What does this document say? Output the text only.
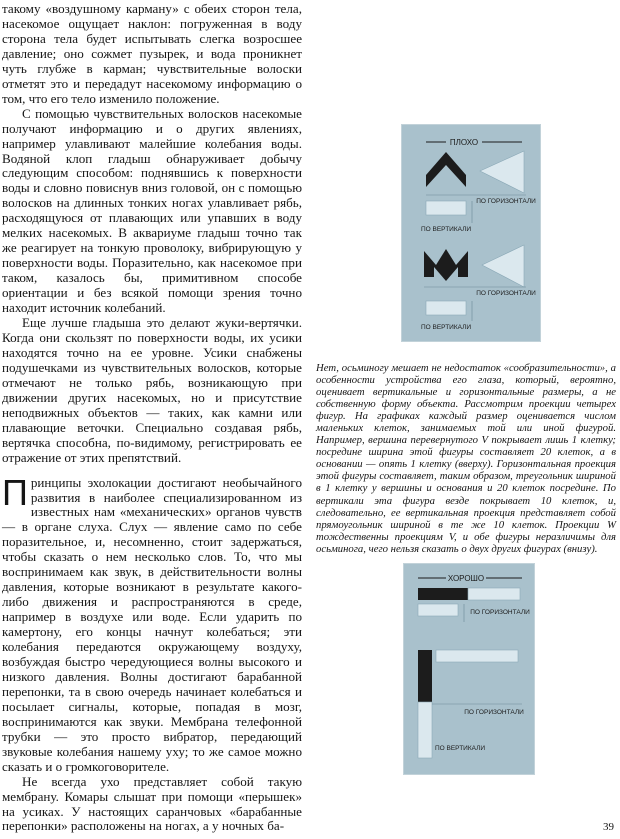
такому «воздушному карману» с обеих сторон тела, насекомое ощущает наклон: погруженная в воду сторона тела будет испытывать слегка возросшее давление; оно сожмет пузырек, и вода проникнет чуть глубже в карман; чувствительные волоски отметят это и передадут насекомому информацию о том, что его тело изменило положение.

С помощью чувствительных волосков насекомые получают информацию и о других явлениях, например улавливают малейшие колебания воды. Водяной клоп гладыш обнаруживает добычу следующим способом: поднявшись к поверхности воды и словно повиснув вниз головой, он с помощью волосков на длинных тонких ногах улавливает рябь, расходящуюся от плавающих или упавших в воду мелких насекомых. В аквариуме гладыш точно так же реагирует на тонкую проволоку, вибрирующую у поверхности воды. Поразительно, как насекомое при таком, казалось бы, примитивном способе ориентации и без всякой помощи зрения точно находит источник колебаний.

Еще лучше гладыша это делают жуки-вертячки. Когда они скользят по поверхности воды, их усики находятся точно на ее уровне. Усики снабжены подушечками из чувствительных волосков, которые отмечают не только рябь, возникающую при движении других насекомых, но и присутствие неподвижных объектов — таких, как камни или плавающие веточки. Специально создавая рябь, вертячка способна, по-видимому, регистрировать ее отражение от этих препятствий.

Принципы эхолокации достигают необычайного развития в наиболее специализированном из известных нам «механических» органов чувств — в органе слуха. Слух — явление само по себе поразительное, и, несомненно, стоит задержаться, чтобы сказать о нем несколько слов. То, что мы воспринимаем как звук, в действительности волны давления, которые возникают в результате какого-либо движения и распространяются в среде, например в воздухе или воде. Если ударить по камертону, его концы начнут колебаться; эти колебания передаются окружающему воздуху, возбуждая быстро чередующиеся волны высокого и низкого давления. Волны достигают барабанной перепонки, та в свою очередь начинает колебаться и посылает сигналы, которые, попадая в мозг, воспринимаются как звуки. Мембрана телефонной трубки — это просто вибратор, передающий звуковые колебания нашему уху; то же самое можно сказать и о громкоговорителе.

Не всегда ухо представляет собой такую мембрану. Комары слышат при помощи «перышек» на усиках. У настоящих саранчовых «барабанные перепонки» расположены на ногах, а у ночных ба-

ПЛОХО
ПО ГОРИЗОНТАЛИ
ПО ВЕРТИКАЛИ
ПО ГОРИЗОНТАЛИ
ПО ВЕРТИКАЛИ

Нет, осьминогу мешает не недостаток «сообразительности», а особенности устройства его глаза, который, вероятно, оценивает вертикальные и горизонтальные размеры, а не собственную форму объекта. Рассмотрим проекции четырех фигур. На графиках каждый размер оценивается числом маленьких клеток, занимаемых той или иной фигурой. Например, вершина перевернутого V покрывает лишь 1 клетку; посредине ширина этой фигуры составляет 20 клеток, а в основании — опять 1 клетку (вверху). Горизонтальная проекция этой фигуры составляет, таким образом, треугольник шириной в 1 клетку у вершины и основания и 20 клеток посредине. По вертикали эта фигура везде покрывает 10 клеток, и, следовательно, ее вертикальная проекция представляет собой прямоугольник шириной в те же 10 клеток. Проекции W тождественны проекциям V, и обе фигуры неразличимы для осьминога, чего нельзя сказать о двух других фигурах (внизу).

ХОРОШО
ПО ГОРИЗОНТАЛИ
ПО ГОРИЗОНТАЛИ
ПО ВЕРТИКАЛИ
39
